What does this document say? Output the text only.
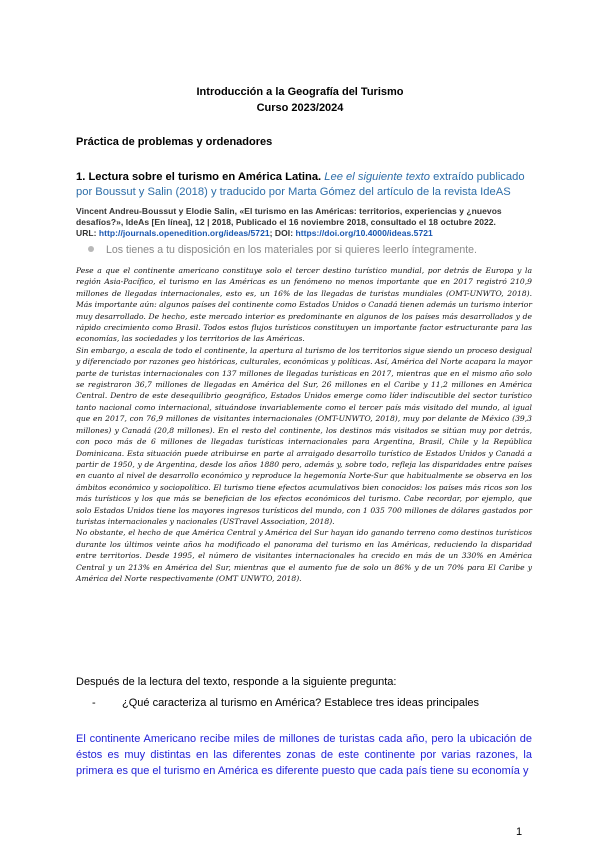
Introducción a la Geografía del Turismo
Curso 2023/2024
Práctica de problemas y ordenadores
1. Lectura sobre el turismo en América Latina. Lee el siguiente texto extraído publicado por Boussut y Salin (2018) y traducido por Marta Gómez del artículo de la revista IdeAS
Vincent Andreu-Boussut y Elodie Salin, «El turismo en las Américas: territorios, experiencias y ¿nuevos desafíos?», IdeAs [En línea], 12 | 2018, Publicado el 16 noviembre 2018, consultado el 18 octubre 2022.
URL: http://journals.openedition.org/ideas/5721; DOI: https://doi.org/10.4000/ideas.5721
Los tienes a tu disposición en los materiales por si quieres leerlo íntegramente.

Pese a que el continente americano constituye solo el tercer destino turístico mundial, por detrás de Europa y la región Asia-Pacífico, el turismo en las Américas es un fenómeno no menos importante que en 2017 registró 210,9 millones de llegadas internacionales, esto es, un 16% de las llegadas de turistas mundiales (OMT-UNWTO, 2018). Más importante aún: algunos países del continente como Estados Unidos o Canadá tienen además un turismo interior muy desarrollado. De hecho, este mercado interior es predominante en algunos de los países más desarrollados y de rápido crecimiento como Brasil. Todos estos flujos turísticos constituyen un importante factor estructurante para las economías, las sociedades y los territorios de las Américas.

Sin embargo, a escala de todo el continente, la apertura al turismo de los territorios sigue siendo un proceso desigual y diferenciado por razones geo históricas, culturales, económicas y políticas. Así, América del Norte acapara la mayor parte de turistas internacionales con 137 millones de llegadas turísticas en 2017, mientras que en el mismo año solo se registraron 36,7 millones de llegadas en América del Sur, 26 millones en el Caribe y 11,2 millones en América Central. Dentro de este desequilibrio geográfico, Estados Unidos emerge como líder indiscutible del sector turístico tanto nacional como internacional, situándose invariablemente como el tercer país más visitado del mundo, al igual que en 2017, con 76,9 millones de visitantes internacionales (OMT-UNWTO, 2018), muy por delante de México (39,3 millones) y Canadá (20,8 millones). En el resto del continente, los destinos más visitados se sitúan muy por detrás, con poco más de 6 millones de llegadas turísticas internacionales para Argentina, Brasil, Chile y la República Dominicana. Esta situación puede atribuirse en parte al arraigado desarrollo turístico de Estados Unidos y Canadá a partir de 1950, y de Argentina, desde los años 1880 pero, además y, sobre todo, refleja las disparidades entre países en cuanto al nivel de desarrollo económico y reproduce la hegemonía Norte-Sur que habitualmente se observa en los ámbitos económico y sociopolítico. El turismo tiene efectos acumulativos bien conocidos: los países más ricos son los más turísticos y los que más se benefician de los efectos económicos del turismo. Cabe recordar, por ejemplo, que solo Estados Unidos tiene los mayores ingresos turísticos del mundo, con 1 035 700 millones de dólares gastados por turistas internacionales y nacionales (USTravel Association, 2018).

No obstante, el hecho de que América Central y América del Sur hayan ido ganando terreno como destinos turísticos durante los últimos veinte años ha modificado el panorama del turismo en las Américas, reduciendo la disparidad entre territorios. Desde 1995, el número de visitantes internacionales ha crecido en más de un 330% en América Central y un 213% en América del Sur, mientras que el aumento fue de solo un 86% y de un 70% para El Caribe y América del Norte respectivamente (OMT UNWTO, 2018).

Después de la lectura del texto, responde a la siguiente pregunta:
- ¿Qué caracteriza al turismo en América? Establece tres ideas principales
El continente Americano recibe miles de millones de turistas cada año, pero la ubicación de éstos es muy distintas en las diferentes zonas de este continente por varias razones, la primera es que el turismo en América es diferente puesto que cada país tiene su economía y
1
